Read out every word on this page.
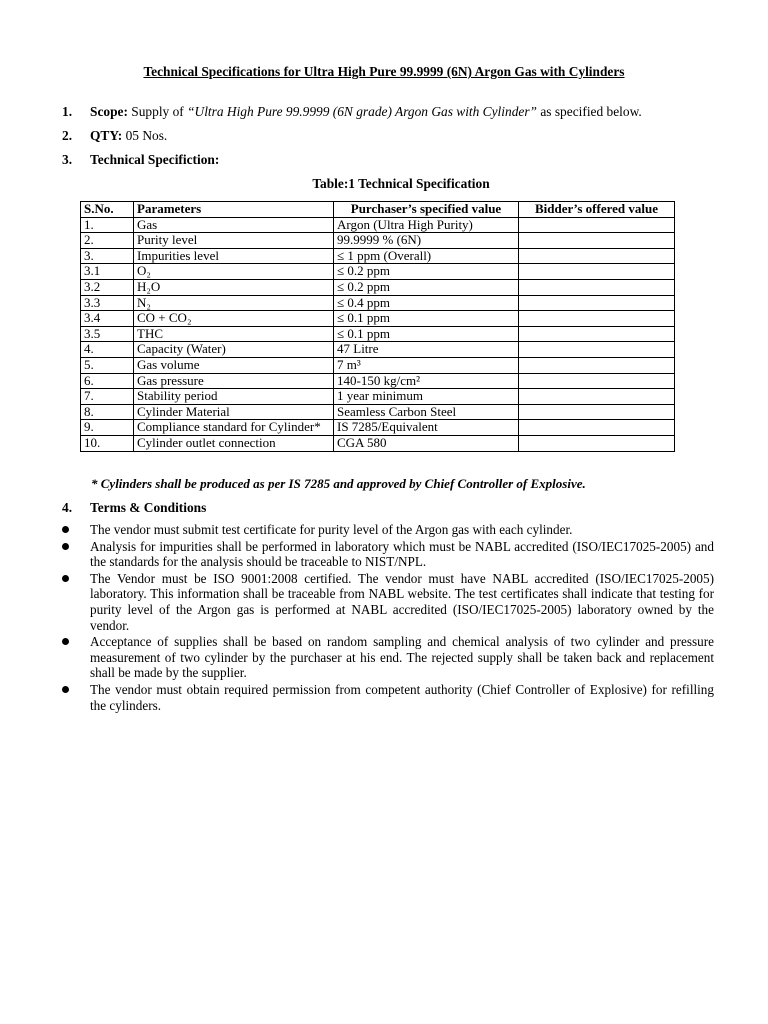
Technical Specifications for Ultra High Pure 99.9999 (6N) Argon Gas with Cylinders
1. Scope: Supply of “Ultra High Pure 99.9999 (6N grade) Argon Gas with Cylinder” as specified below.
2. QTY: 05 Nos.
3. Technical Specifiction:
Table:1 Technical Specification
S.No.	Parameters	Purchaser’s specified value	Bidder’s offered value
1.	Gas	Argon (Ultra High Purity)	
2.	Purity level	99.9999 % (6N)	
3.	Impurities level	≤ 1 ppm (Overall)	
3.1	O₂	≤ 0.2 ppm	
3.2	H₂O	≤ 0.2 ppm	
3.3	N₂	≤ 0.4 ppm	
3.4	CO + CO₂	≤ 0.1 ppm	
3.5	THC	≤ 0.1 ppm	
4.	Capacity (Water)	47 Litre	
5.	Gas volume	7 m³	
6.	Gas pressure	140-150 kg/cm²	
7.	Stability period	1 year minimum	
8.	Cylinder Material	Seamless Carbon Steel	
9.	Compliance standard for Cylinder*	IS 7285/Equivalent	
10.	Cylinder outlet connection	CGA 580	
* Cylinders shall be produced as per IS 7285 and approved by Chief Controller of Explosive.
4. Terms & Conditions
The vendor must submit test certificate for purity level of the Argon gas with each cylinder.
Analysis for impurities shall be performed in laboratory which must be NABL accredited (ISO/IEC17025-2005) and the standards for the analysis should be traceable to NIST/NPL.
The Vendor must be ISO 9001:2008 certified. The vendor must have NABL accredited (ISO/IEC17025-2005) laboratory. This information shall be traceable from NABL website. The test certificates shall indicate that testing for purity level of the Argon gas is performed at NABL accredited (ISO/IEC17025-2005) laboratory owned by the vendor.
Acceptance of supplies shall be based on random sampling and chemical analysis of two cylinder and pressure measurement of two cylinder by the purchaser at his end. The rejected supply shall be taken back and replacement shall be made by the supplier.
The vendor must obtain required permission from competent authority (Chief Controller of Explosive) for refilling the cylinders.
